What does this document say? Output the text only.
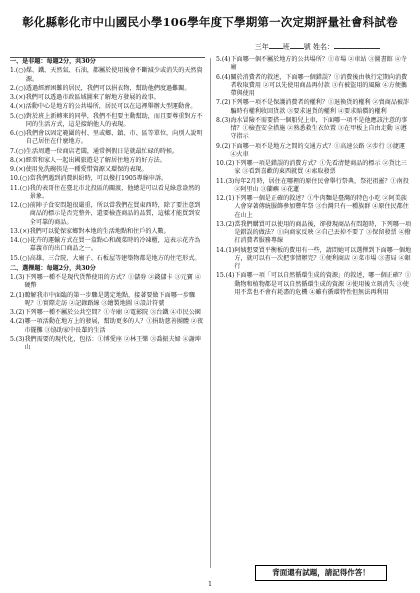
彰化縣彰化市中山國民小學106學年度下學期第一次定期評量社會科試卷
三年 班 號 姓名：
一、是非題：每題2分，共30分
1.(○) 煤、鐵、天然氣、石油，都屬於使用後會不斷減少或消失的天然資源。
2.(○) 透過經濟困難的居民，我們可以捐衣物，幫助他們度過難關。
3.(×) 我們可以透過市政區域圖來了解地方發展的故事。
4.(×) 活動中心是地方的公共場所，居民可以在這裡舉辦大型運動會。
5.(○) 對於班上新轉來的同學，我們不但要主動幫助，而且要尊重對方不同的生活方式，這是接納他人的表現。
6.(○) 我們會以固定範圍的村、里或鄉、鎮、市、區等單位，向別人說明自己居住在什麼地方。
7.(○) 生活周遭一位商店老闆，通常例假日是就最忙碌的時候。
8.(×) 經常和家人一起出國旅遊是了解居住地方的好方法。
9.(×) 使用免洗碗筷是一種愛惜資源又環保的表現。
10.(○) 當我們遇到消費糾紛時，可以撥打1905專線申訴。
11.(○) 我的表哥住在臺北市北投區的關渡，他總是可以看見綠意盎然的景象。
12.(○) 前陣子食安問題很嚴重，所以當我們在買東西時，除了要注意到商品的標示是否完整外，還要檢查商品的品質，這樣才能買到安全可靠的商品。
13.(×) 我們可以從保家鄉對本地的生活地點和住戶的人數。
14.(○) 花卉的運輸方式在買一盒點心和蔬菜時的冷凍櫃，這表示花卉為嘉義市的出口商品之一。
15.(○) 高雄、三合院、大廟子、石板屋等建築物都是地方的住宅形式。
二、選擇題：每題2分，共30分
1.(3) 下列哪一種不是現代貨幣使用的方式？①儲券 ②錢儲卡 ③元寶 ④硬幣
2.(1) 瞭解我市中面臨的第一步驟是選定地點，接著要做下面哪一步驟呢？①實際走訪 ②記錄路線 ③繪製地圖 ④設計符號
3.(2) 下列哪一種不屬於公共空間？①寺廟 ②電影院 ③台鐵 ④市民公園
4.(2) 哪一項活動在地方上的發展，幫助更多的人？①捐助慈善團體 ②夜市擺攤 ③協助家中長輩的生活
5.(3) 我們需要的現代化，包括：①博愛座 ②林王樂 ③喬振夫婦 ④謝坤山
5.(4) 下面哪一個不屬於地方的公共場所？①市場 ②車站 ③圖書館 ④寺廟
6.(4) 關於消費者的敘述，下面哪一個錯誤？①消費後由執行定期向消費者收取費用 ②可以先使用商品再付款 ③有被盜用的風險 ④方便攜帶與使用
7.(2) 下列哪一項不是保護消費者的權利？①退換貨的權利 ②賣商品被詐騙時有權利收回貨款 ③要求退貨的權利 ④要求賠償的權利
8.(3) 海水冒險不需要搭一個船兒上車，下面哪一項不是他應該注意的事情？①檢查安全措施 ②熟悉救生衣位置 ③在甲板上自由走動 ④遵守指示
9.(2) 下面哪一項不是地方之間的交通方式？①高速公路 ②步行 ③捷運 ④火車
10.(2) 下列哪一項是錯誤的消費方式？①先看清楚商品的標示 ②貨比三家 ③看到喜歡的東西就買 ④索取發票
11.(3) 每年2月時，居住在哪裡的原住民會舉行祭典，祭祀祖靈？①南投 ②阿里山 ③蘭嶼 ④花蓮
12.(1) 下列哪一個是正確的敘述？①牛肉麵是臺灣的特色小吃 ②阿美族人會穿著傳統服飾參加豐年祭 ③台灣只有一種族群 ④原住民都住在山上
13.(2) 當我們購買可以使用的商品後，卻發現商品有問題時，下列哪一項是錯誤的做法？①向商家反映 ②自己丟掉不要了 ③保留發票 ④撥打消費者服務專線
14.(1) 阿姨想要買平衡板的費用有一些，請問她可以選擇到下面哪一個地方，就可以有一次把事情辦完？①便利商店 ②菜市場 ③書局 ④銀行
15.(4) 下面哪一項「可以自然循環生成的資源」的敘述，哪一個正確？①動物和植物都是可以自然循環生成的資源 ②使用後立刻消失 ③使用不當也不會有耗盡的危機 ④雖有循環特性但無法再利用
背面還有試題，請記得作答！
1
